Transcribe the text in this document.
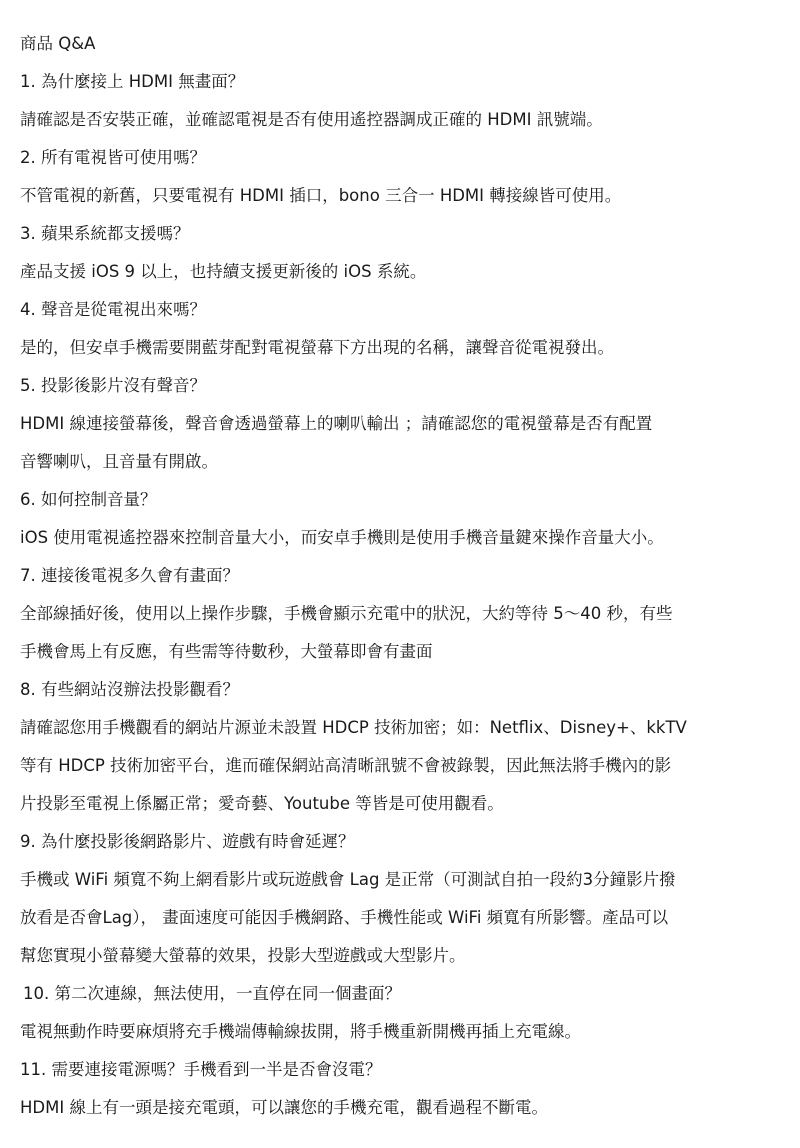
商品 Q&A
1. 為什麼接上 HDMI 無畫面？
請確認是否安裝正確，並確認電視是否有使用遙控器調成正確的 HDMI 訊號端。
2. 所有電視皆可使用嗎？
不管電視的新舊，只要電視有 HDMI 插口，bono 三合一 HDMI 轉接線皆可使用。
3. 蘋果系統都支援嗎？
產品支援 iOS 9 以上，也持續支援更新後的 iOS 系統。
4. 聲音是從電視出來嗎？
是的，但安卓手機需要開藍芽配對電視螢幕下方出現的名稱，讓聲音從電視發出。
5. 投影後影片沒有聲音？
HDMI 線連接螢幕後，聲音會透過螢幕上的喇叭輸出 ；請確認您的電視螢幕是否有配置
音響喇叭，且音量有開啟。
6. 如何控制音量？
iOS 使用電視遙控器來控制音量大小，而安卓手機則是使用手機音量鍵來操作音量大小。
7. 連接後電視多久會有畫面？
全部線插好後，使用以上操作步驟，手機會顯示充電中的狀況，大約等待 5～40 秒，有些
手機會馬上有反應，有些需等待數秒，大螢幕即會有畫面
8. 有些網站沒辦法投影觀看？
請確認您用手機觀看的網站片源並未設置 HDCP 技術加密；如：Netflix、Disney+、kkTV
等有 HDCP 技術加密平台，進而確保網站高清晰訊號不會被錄製，因此無法將手機內的影
片投影至電視上係屬正常；愛奇藝、Youtube 等皆是可使用觀看。
9. 為什麼投影後網路影片、遊戲有時會延遲？
手機或 WiFi 頻寬不夠上網看影片或玩遊戲會 Lag 是正常（可測試自拍一段約3分鐘影片撥
放看是否會Lag）， 畫面速度可能因手機網路、手機性能或 WiFi 頻寬有所影響。產品可以
幫您實現小螢幕變大螢幕的效果，投影大型遊戲或大型影片。
10. 第二次連線，無法使用，一直停在同一個畫面？
電視無動作時要麻煩將充手機端傳輸線拔開，將手機重新開機再插上充電線。
11. 需要連接電源嗎？手機看到一半是否會沒電？
HDMI 線上有一頭是接充電頭，可以讓您的手機充電，觀看過程不斷電。
